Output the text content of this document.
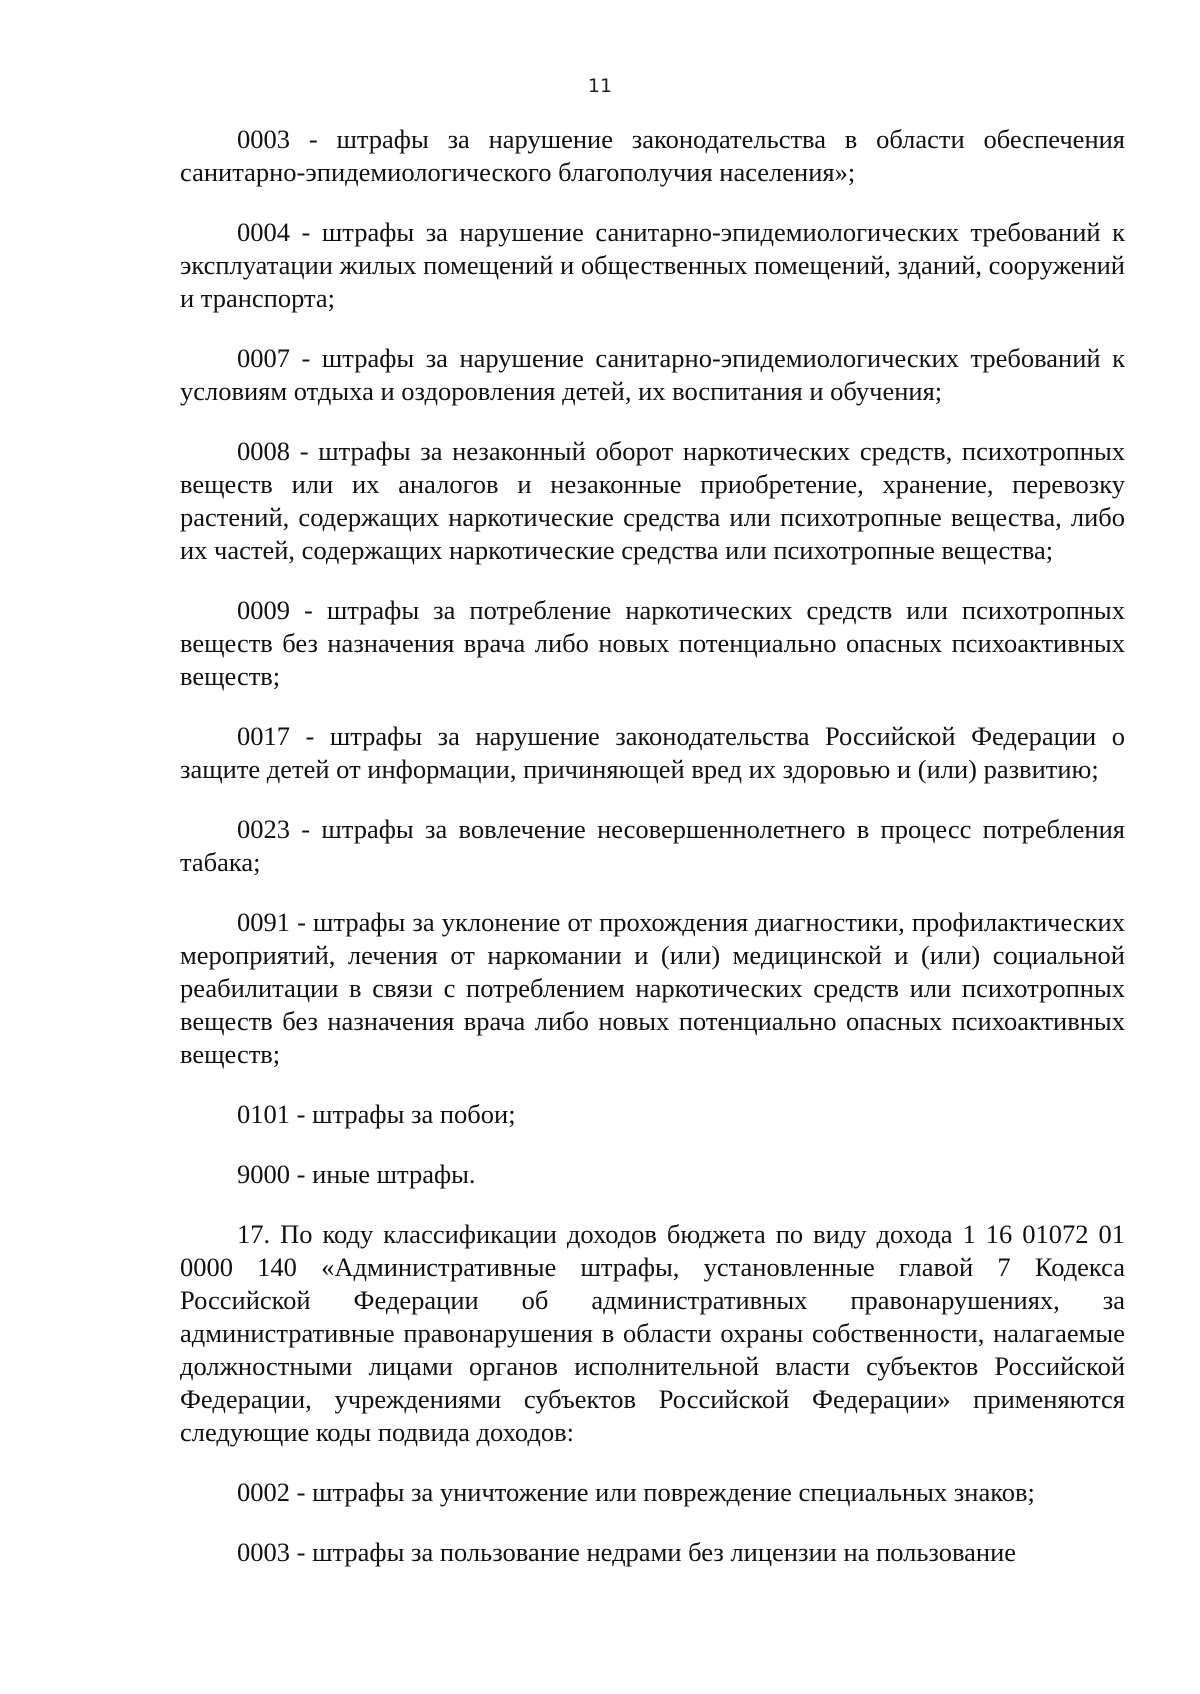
11

0003 - штрафы за нарушение законодательства в области обеспечения санитарно-эпидемиологического благополучия населения»;

0004 - штрафы за нарушение санитарно-эпидемиологических требований к эксплуатации жилых помещений и общественных помещений, зданий, сооружений и транспорта;

0007 - штрафы за нарушение санитарно-эпидемиологических требований к условиям отдыха и оздоровления детей, их воспитания и обучения;

0008 - штрафы за незаконный оборот наркотических средств, психотропных веществ или их аналогов и незаконные приобретение, хранение, перевозку растений, содержащих наркотические средства или психотропные вещества, либо их частей, содержащих наркотические средства или психотропные вещества;

0009 - штрафы за потребление наркотических средств или психотропных веществ без назначения врача либо новых потенциально опасных психоактивных веществ;

0017 - штрафы за нарушение законодательства Российской Федерации о защите детей от информации, причиняющей вред их здоровью и (или) развитию;

0023 - штрафы за вовлечение несовершеннолетнего в процесс потребления табака;

0091 - штрафы за уклонение от прохождения диагностики, профилактических мероприятий, лечения от наркомании и (или) медицинской и (или) социальной реабилитации в связи с потреблением наркотических средств или психотропных веществ без назначения врача либо новых потенциально опасных психоактивных веществ;

0101 - штрафы за побои;

9000 - иные штрафы.

17. По коду классификации доходов бюджета по виду дохода 1 16 01072 01 0000 140 «Административные штрафы, установленные главой 7 Кодекса Российской Федерации об административных правонарушениях, за административные правонарушения в области охраны собственности, налагаемые должностными лицами органов исполнительной власти субъектов Российской Федерации, учреждениями субъектов Российской Федерации» применяются следующие коды подвида доходов:

0002 - штрафы за уничтожение или повреждение специальных знаков;

0003 - штрафы за пользование недрами без лицензии на пользование
